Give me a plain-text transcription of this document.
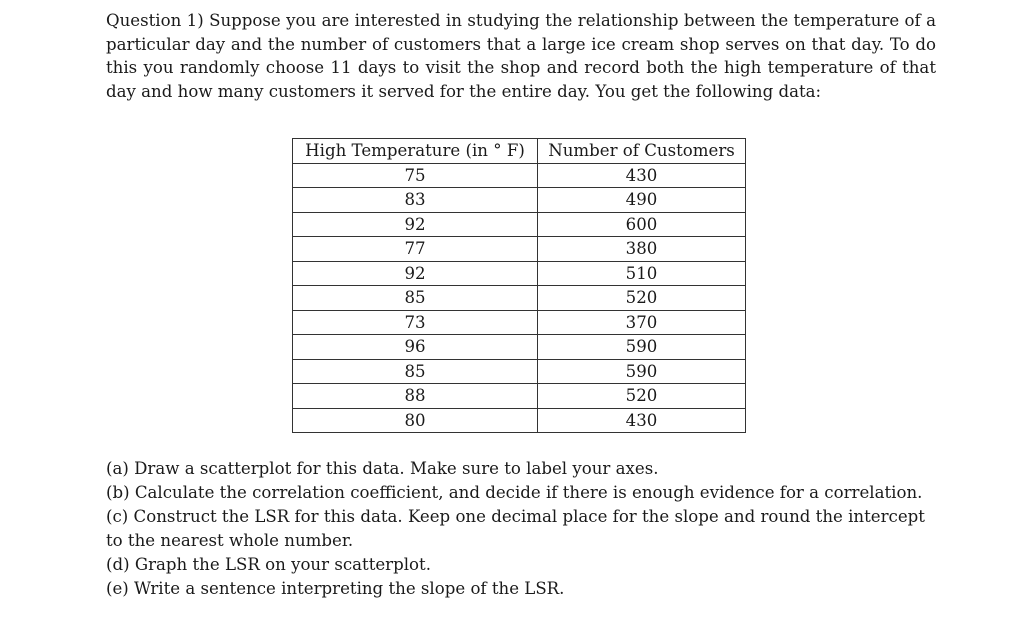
Question 1) Suppose you are interested in studying the relationship between the temperature of a particular day and the number of customers that a large ice cream shop serves on that day. To do this you randomly choose 11 days to visit the shop and record both the high temperature of that day and how many customers it served for the entire day. You get the following data:

High Temperature (in ° F)	Number of Customers
75	430
83	490
92	600
77	380
92	510
85	520
73	370
96	590
85	590
88	520
80	430
(a) Draw a scatterplot for this data. Make sure to label your axes.
(b) Calculate the correlation coefficient, and decide if there is enough evidence for a correlation.
(c) Construct the LSR for this data. Keep one decimal place for the slope and round the intercept to the nearest whole number.
(d) Graph the LSR on your scatterplot.
(e) Write a sentence interpreting the slope of the LSR.
